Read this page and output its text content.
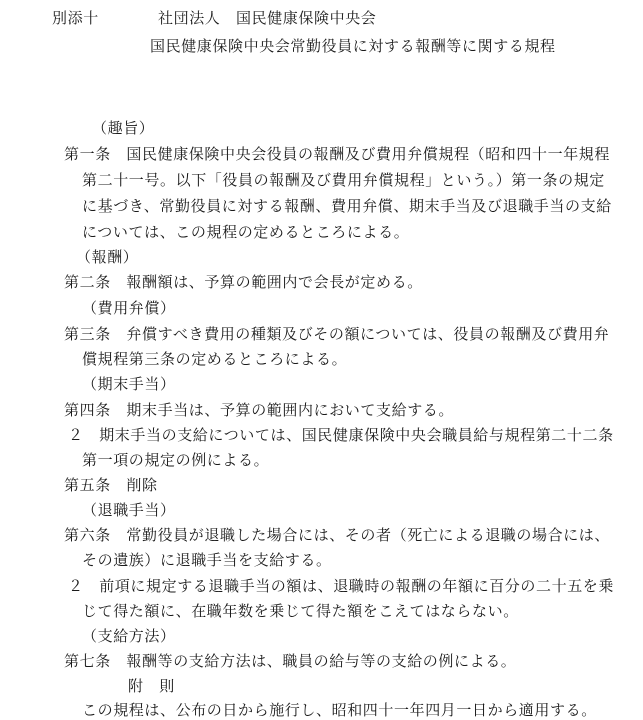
別添十	社団法人　国民健康保険中央会
国民健康保険中央会常勤役員に対する報酬等に関する規程
（趣旨）
第一条　国民健康保険中央会役員の報酬及び費用弁償規程（昭和四十一年規程
第二十一号。以下「役員の報酬及び費用弁償規程」という。）第一条の規定
に基づき、常勤役員に対する報酬、費用弁償、期末手当及び退職手当の支給
については、この規程の定めるところによる。
（報酬）
第二条　報酬額は、予算の範囲内で会長が定める。
（費用弁償）
第三条　弁償すべき費用の種類及びその額については、役員の報酬及び費用弁
償規程第三条の定めるところによる。
（期末手当）
第四条　期末手当は、予算の範囲内において支給する。
２　期末手当の支給については、国民健康保険中央会職員給与規程第二十二条
第一項の規定の例による。
第五条　削除
（退職手当）
第六条　常勤役員が退職した場合には、その者（死亡による退職の場合には、
その遺族）に退職手当を支給する。
２　前項に規定する退職手当の額は、退職時の報酬の年額に百分の二十五を乗
じて得た額に、在職年数を乗じて得た額をこえてはならない。
（支給方法）
第七条　報酬等の支給方法は、職員の給与等の支給の例による。
附　則
この規程は、公布の日から施行し、昭和四十一年四月一日から適用する。
